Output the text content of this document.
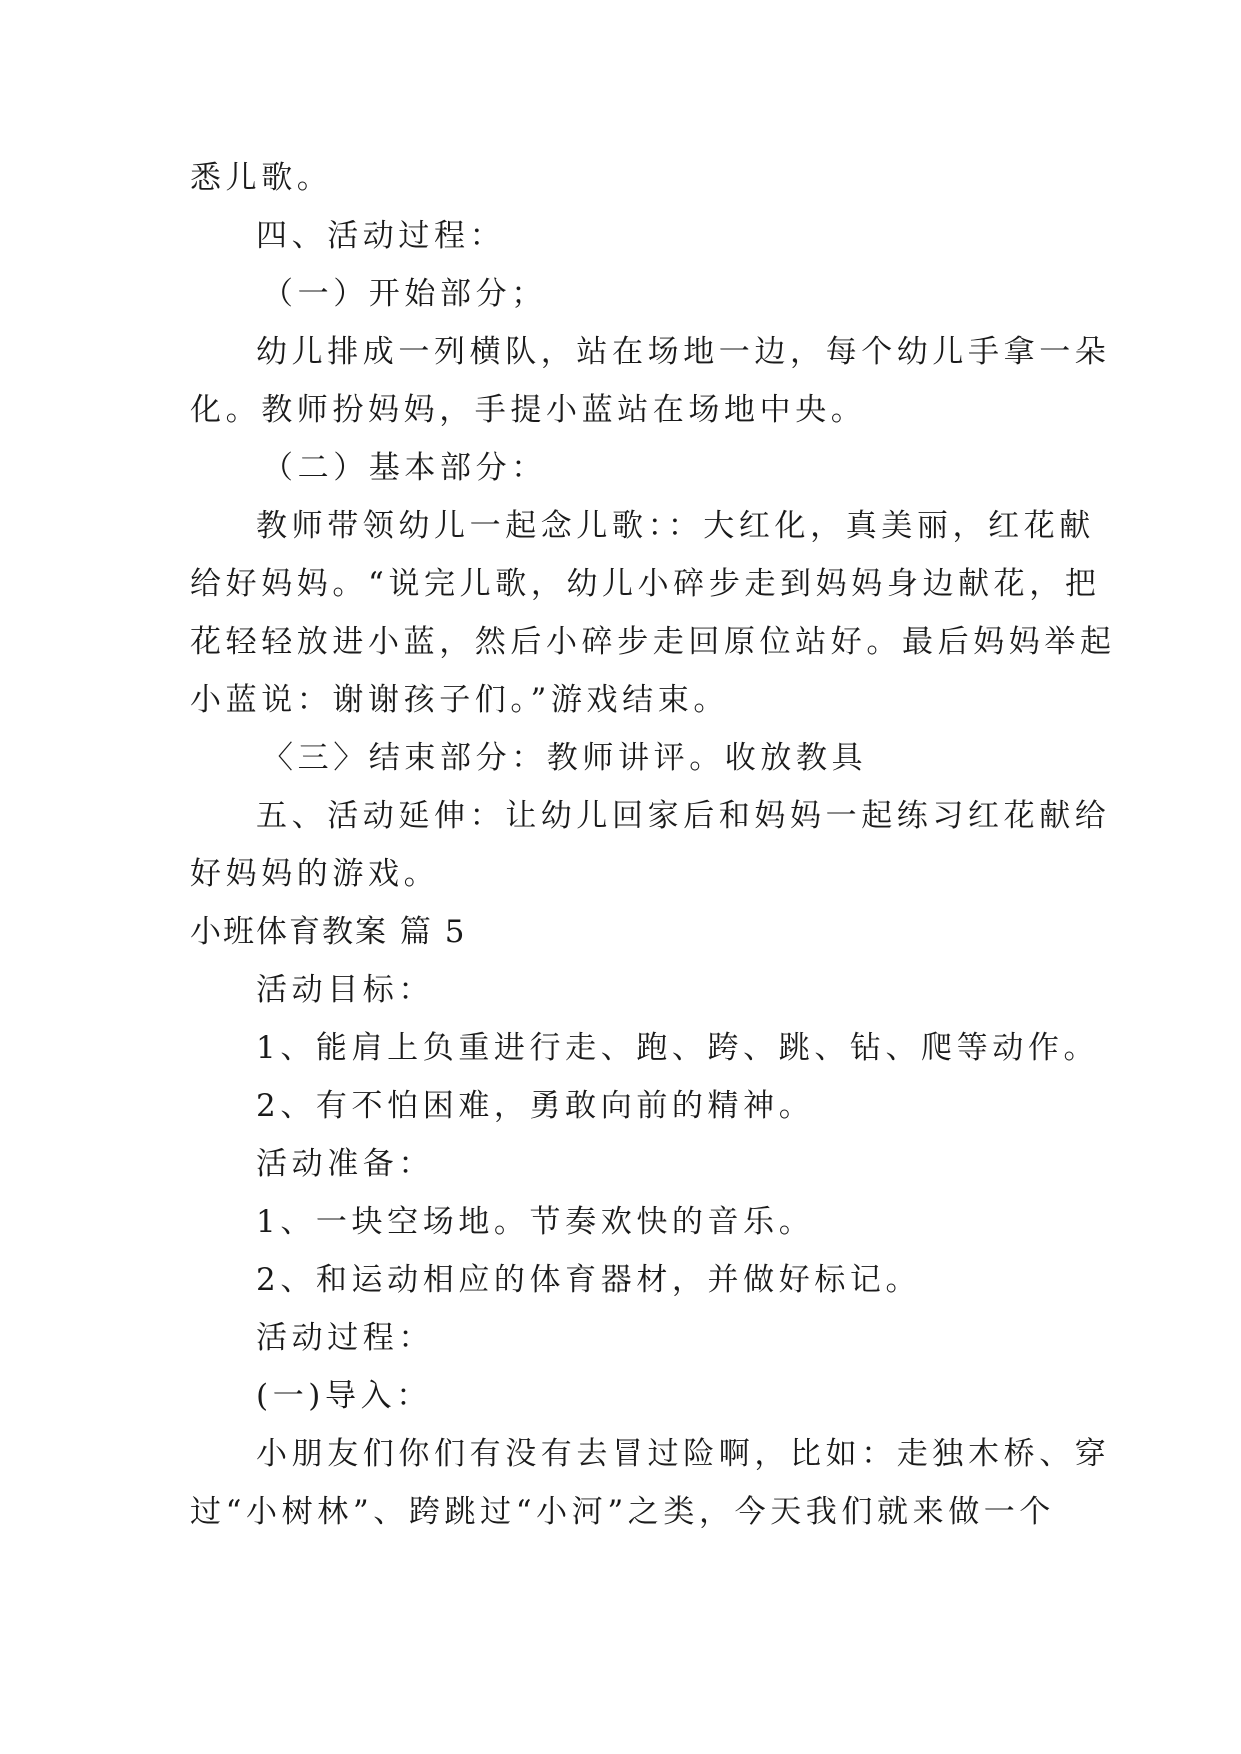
悉儿歌。
四、活动过程：
（一）开始部分；
幼儿排成一列横队，站在场地一边，每个幼儿手拿一朵
化。教师扮妈妈，手提小蓝站在场地中央。
（二）基本部分：
教师带领幼儿一起念儿歌：：大红化，真美丽，红花献
给好妈妈。“说完儿歌，幼儿小碎步走到妈妈身边献花，把
花轻轻放进小蓝，然后小碎步走回原位站好。最后妈妈举起
小蓝说：谢谢孩子们。”游戏结束。
〈三〉结束部分：教师讲评。收放教具
五、活动延伸：让幼儿回家后和妈妈一起练习红花献给
好妈妈的游戏。
小班体育教案 篇 5
活动目标：
1、能肩上负重进行走、跑、跨、跳、钻、爬等动作。
2、有不怕困难，勇敢向前的精神。
活动准备：
1、一块空场地。节奏欢快的音乐。
2、和运动相应的体育器材，并做好标记。
活动过程：
(一)导入：
小朋友们你们有没有去冒过险啊，比如：走独木桥、穿
过“小树林”、跨跳过“小河”之类，今天我们就来做一个
